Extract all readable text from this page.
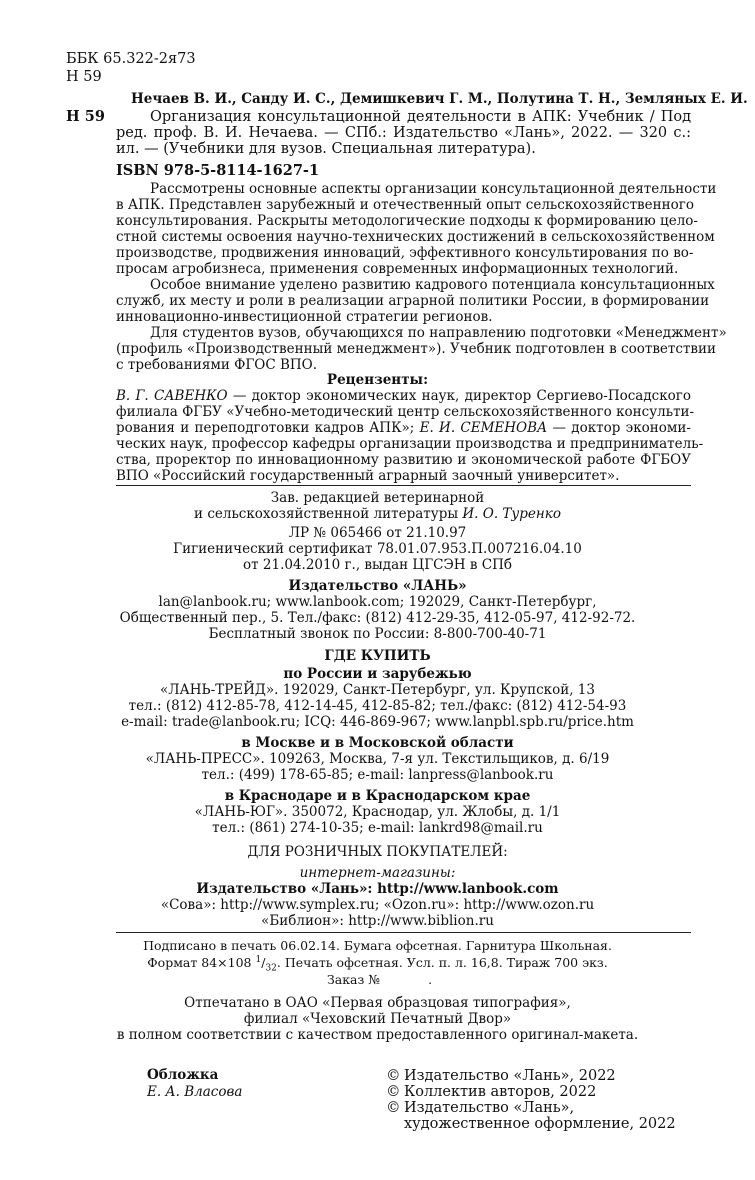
ББК 65.322-2я73
Н 59
Нечаев В. И., Санду И. С., Демишкевич Г. М., Полутина Т. Н., Земляных Е. И.
Н 59	Организация консультационной деятельности в АПК: Учебник / Под
ред. проф. В. И. Нечаева. — СПб.: Издательство «Лань», 2022. — 320 с.:
ил. — (Учебники для вузов. Специальная литература).
ISBN 978-5-8114-1627-1
Рассмотрены основные аспекты организации консультационной деятельности
в АПК. Представлен зарубежный и отечественный опыт сельскохозяйственного
консультирования. Раскрыты методологические подходы к формированию цело-
стной системы освоения научно-технических достижений в сельскохозяйственном
производстве, продвижения инноваций, эффективного консультирования по во-
просам агробизнеса, применения современных информационных технологий.
Особое внимание уделено развитию кадрового потенциала консультационных
служб, их месту и роли в реализации аграрной политики России, в формировании
инновационно-инвестиционной стратегии регионов.
Для студентов вузов, обучающихся по направлению подготовки «Менеджмент»
(профиль «Производственный менеджмент»). Учебник подготовлен в соответствии
с требованиями ФГОС ВПО.
Рецензенты:
В. Г. САВЕНКО — доктор экономических наук, директор Сергиево-Посадского
филиала ФГБУ «Учебно-методический центр сельскохозяйственного консульти-
рования и переподготовки кадров АПК»; Е. И. СЕМЕНОВА — доктор экономи-
ческих наук, профессор кафедры организации производства и предприниматель-
ства, проректор по инновационному развитию и экономической работе ФГБОУ
ВПО «Российский государственный аграрный заочный университет».
Зав. редакцией ветеринарной
и сельскохозяйственной литературы И. О. Туренко
ЛР № 065466 от 21.10.97
Гигиенический сертификат 78.01.07.953.П.007216.04.10
от 21.04.2010 г., выдан ЦГСЭН в СПб
Издательство «ЛАНЬ»
lan@lanbook.ru; www.lanbook.com; 192029, Санкт-Петербург,
Общественный пер., 5. Тел./факс: (812) 412-29-35, 412-05-97, 412-92-72.
Бесплатный звонок по России: 8-800-700-40-71
ГДЕ КУПИТЬ
по России и зарубежью
«ЛАНЬ-ТРЕЙД». 192029, Санкт-Петербург, ул. Крупской, 13
тел.: (812) 412-85-78, 412-14-45, 412-85-82; тел./факс: (812) 412-54-93
e-mail: trade@lanbook.ru; ICQ: 446-869-967; www.lanpbl.spb.ru/price.htm
в Москве и в Московской области
«ЛАНЬ-ПРЕСС». 109263, Москва, 7-я ул. Текстильщиков, д. 6/19
тел.: (499) 178-65-85; e-mail: lanpress@lanbook.ru
в Краснодаре и в Краснодарском крае
«ЛАНЬ-ЮГ». 350072, Краснодар, ул. Жлобы, д. 1/1
тел.: (861) 274-10-35; e-mail: lankrd98@mail.ru
ДЛЯ РОЗНИЧНЫХ ПОКУПАТЕЛЕЙ:
интернет-магазины:
Издательство «Лань»: http://www.lanbook.com
«Сова»: http://www.symplex.ru; «Ozon.ru»: http://www.ozon.ru
«Библион»: http://www.biblion.ru
Подписано в печать 06.02.14. Бумага офсетная. Гарнитура Школьная.
Формат 84×108 $^1/_{32}$. Печать офсетная. Усл. п. л. 16,8. Тираж 700 экз.
Заказ №	.
Отпечатано в ОАО «Первая образцовая типография»,
филиал «Чеховский Печатный Двор»
в полном соответствии с качеством предоставленного оригинал-макета.
Обложка
Е. А. Власова
© Издательство «Лань», 2022
© Коллектив авторов, 2022
© Издательство «Лань»,
художественное оформление, 2022
